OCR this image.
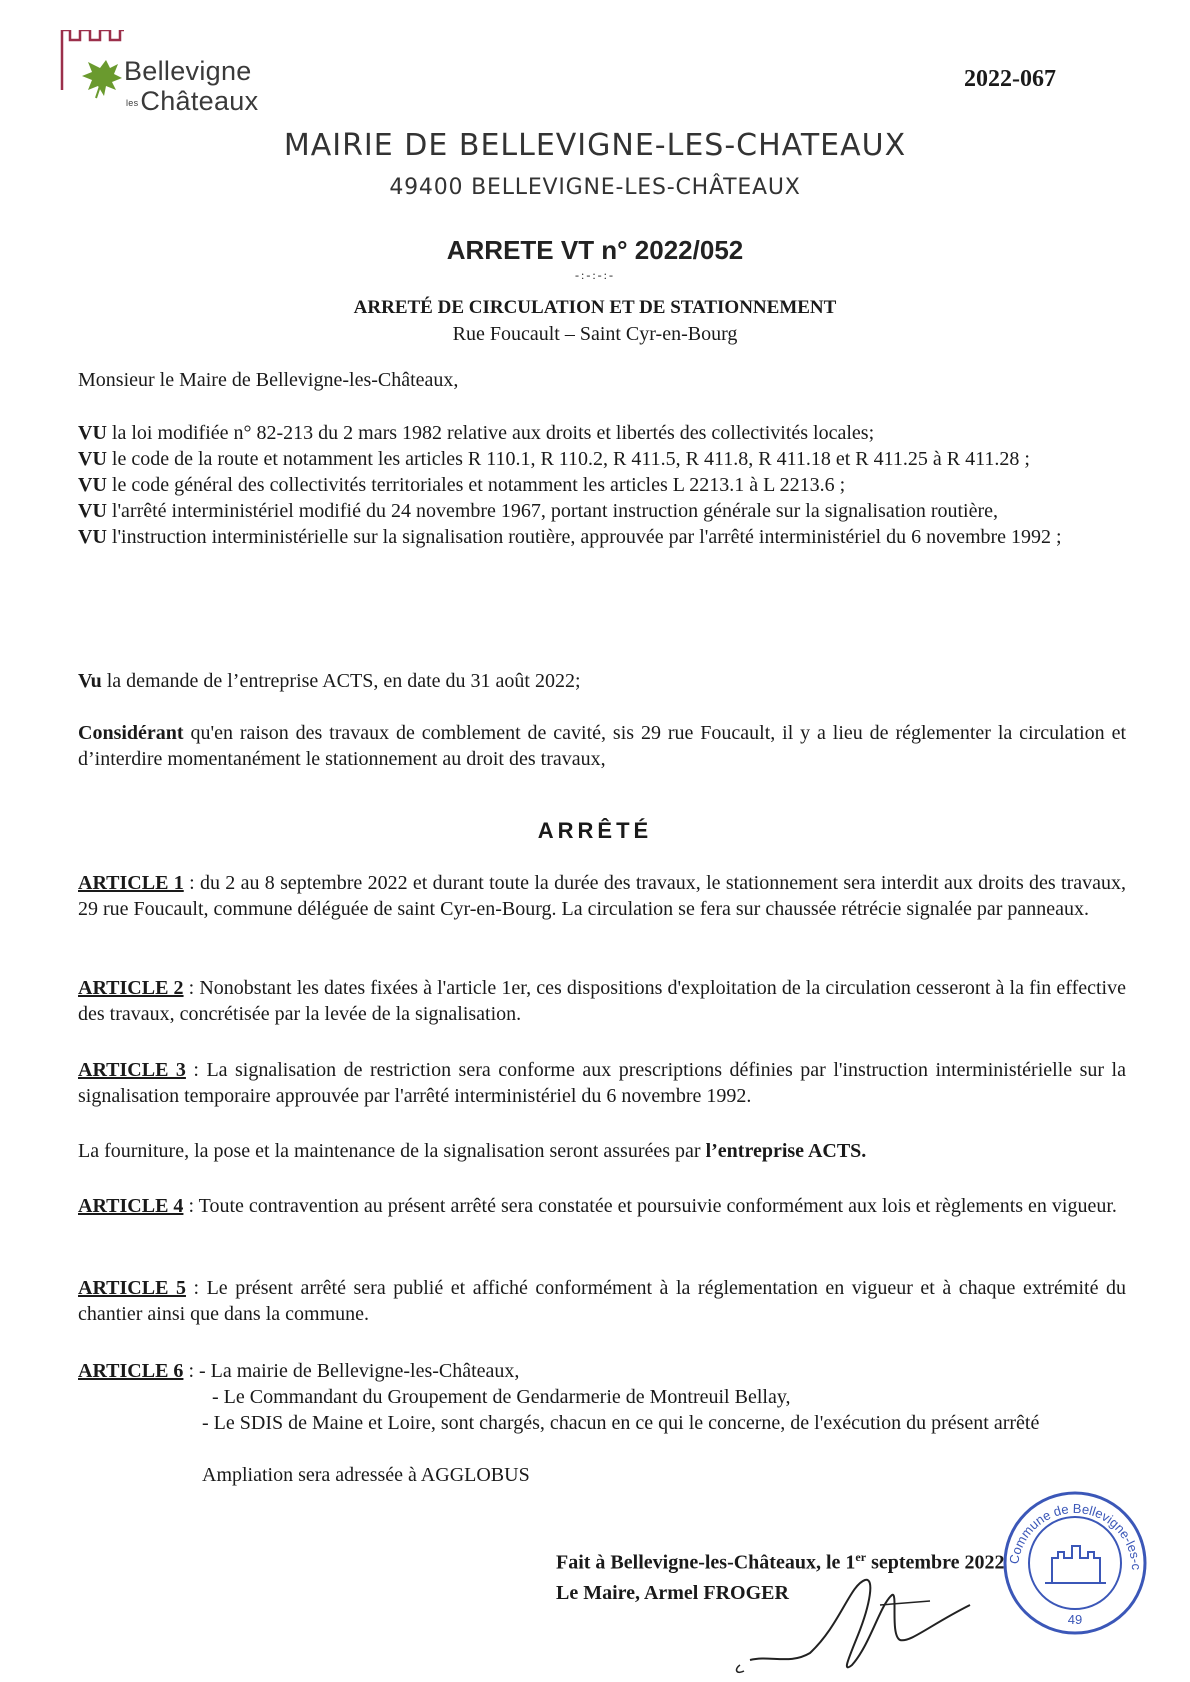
Bellevigne
lesChâteaux
2022-067
MAIRIE DE BELLEVIGNE-LES-CHATEAUX
49400 BELLEVIGNE-LES-CHÂTEAUX
ARRETE VT n° 2022/052
-:-:-:-
ARRETÉ DE CIRCULATION ET DE STATIONNEMENT
Rue Foucault – Saint Cyr-en-Bourg
Monsieur le Maire de Bellevigne-les-Châteaux,
VU la loi modifiée n° 82-213 du 2 mars 1982 relative aux droits et libertés des collectivités locales;
VU le code de la route et notamment les articles R 110.1, R 110.2, R 411.5, R 411.8, R 411.18 et R 411.25 à R 411.28 ;
VU le code général des collectivités territoriales et notamment les articles L 2213.1 à L 2213.6 ;
VU l'arrêté interministériel modifié du 24 novembre 1967, portant instruction générale sur la signalisation routière,
VU l'instruction interministérielle sur la signalisation routière, approuvée par l'arrêté interministériel du 6 novembre 1992 ;
Vu la demande de l’entreprise ACTS, en date du 31 août 2022;
Considérant qu'en raison des travaux de comblement de cavité, sis 29 rue Foucault, il y a lieu de réglementer la circulation et d’interdire momentanément le stationnement au droit des travaux,
ARRÊTÉ
ARTICLE 1 : du 2 au 8 septembre 2022 et durant toute la durée des travaux, le stationnement sera interdit aux droits des travaux, 29 rue Foucault, commune déléguée de saint Cyr-en-Bourg. La circulation se fera sur chaussée rétrécie signalée par panneaux.
ARTICLE 2 : Nonobstant les dates fixées à l'article 1er, ces dispositions d'exploitation de la circulation cesseront à la fin effective des travaux, concrétisée par la levée de la signalisation.
ARTICLE 3 : La signalisation de restriction sera conforme aux prescriptions définies par l'instruction interministérielle sur la signalisation temporaire approuvée par l'arrêté interministériel du 6 novembre 1992.
La fourniture, la pose et la maintenance de la signalisation seront assurées par l’entreprise ACTS.
ARTICLE 4 : Toute contravention au présent arrêté sera constatée et poursuivie conformément aux lois et règlements en vigueur.
ARTICLE 5 : Le présent arrêté sera publié et affiché conformément à la réglementation en vigueur et à chaque extrémité du chantier ainsi que dans la commune.
ARTICLE 6 : - La mairie de Bellevigne-les-Châteaux,
- Le Commandant du Groupement de Gendarmerie de Montreuil Bellay,
- Le SDIS de Maine et Loire, sont chargés, chacun en ce qui le concerne, de l'exécution du présent arrêté
Ampliation sera adressée à AGGLOBUS
Fait à Bellevigne-les-Châteaux, le 1er septembre 2022
Le Maire, Armel FROGER
Commune de Bellevigne-les-c
49
